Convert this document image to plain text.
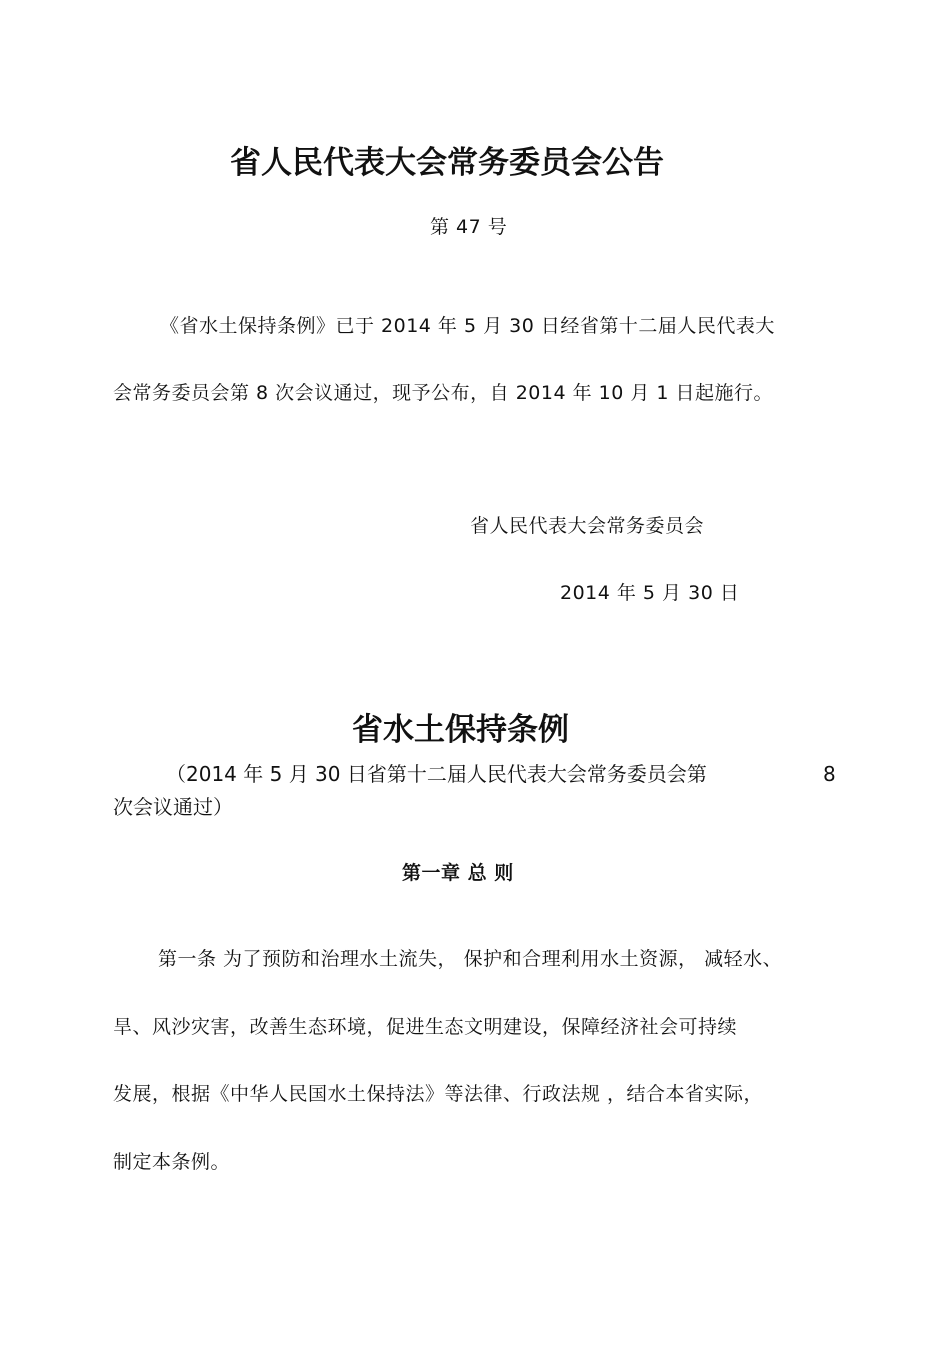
省人民代表大会常务委员会公告
第 47 号

《省水土保持条例》已于 2014 年 5 月 30 日经省第十二届人民代表大

会常务委员会第 8 次会议通过，现予公布，自 2014 年 10 月 1 日起施行。

省人民代表大会常务委员会
2014 年 5 月 30 日
省水土保持条例
（2014 年 5 月 30 日省第十二届人民代表大会常务委员会第	8
次会议通过）
第一章 总 则

第一条 为了预防和治理水土流失， 保护和合理利用水土资源， 减轻水、

旱、风沙灾害，改善生态环境，促进生态文明建设，保障经济社会可持续

发展，根据《中华人民国水土保持法》等法律、行政法规 ，结合本省实际，

制定本条例。
